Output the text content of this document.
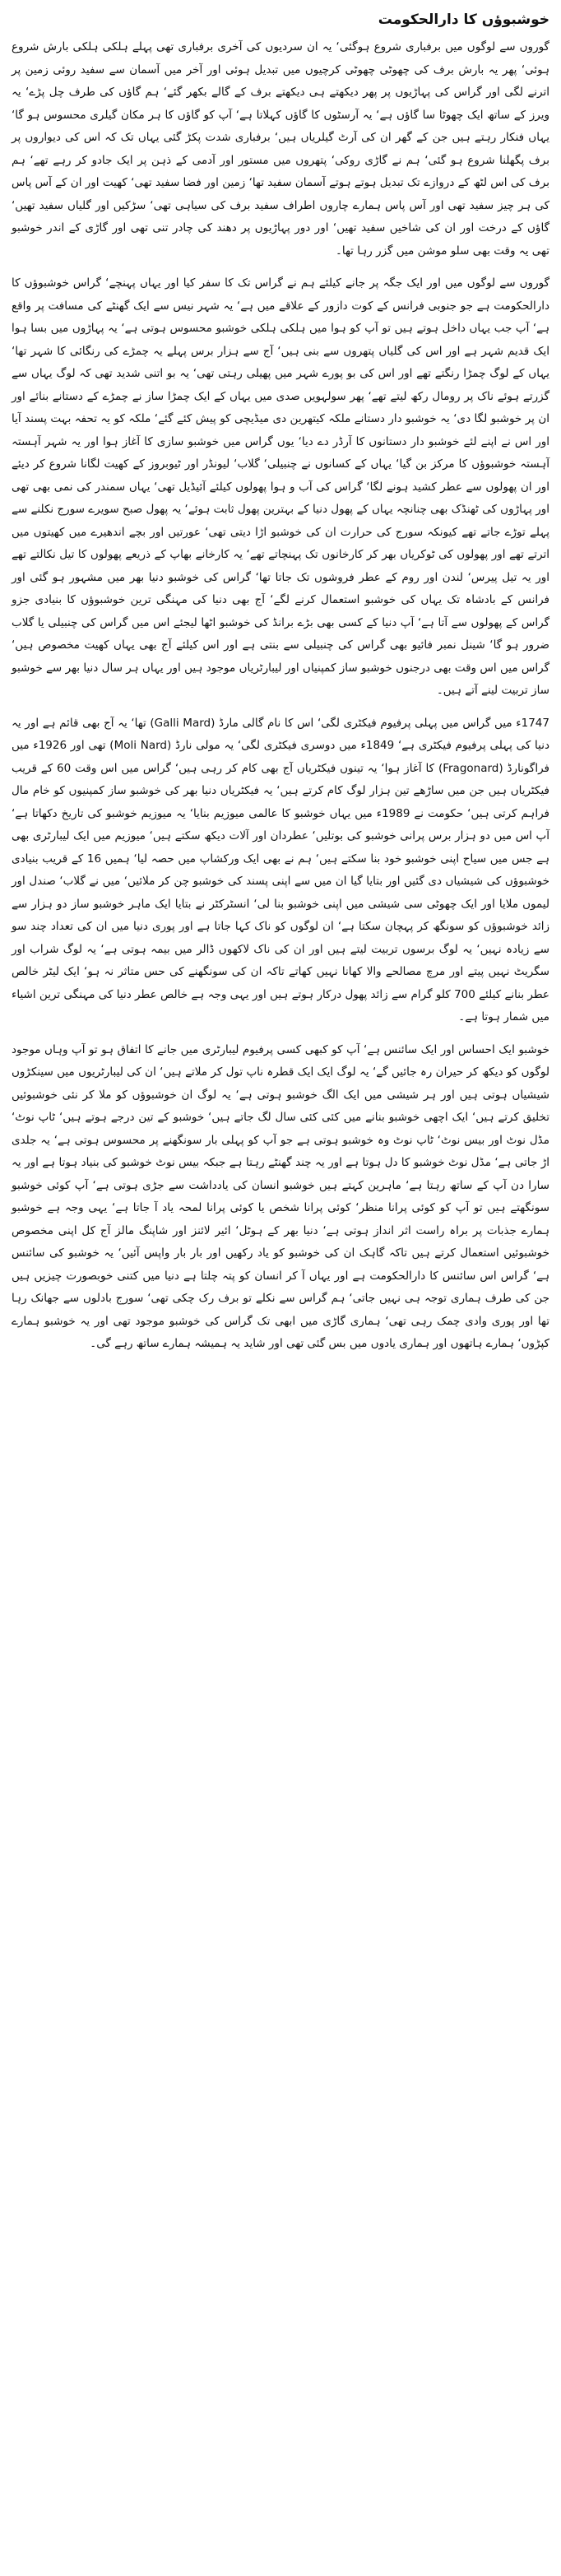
خوشبوؤں کا دارالحکومت

گوروں سے لوگوں میں برفباری شروع ہوگئی‘ یہ ان سردیوں کی آخری برفباری تھی پہلے ہلکی ہلکی بارش شروع ہوئی‘ پھر یہ بارش برف کی چھوٹی چھوٹی کرچیوں میں تبدیل ہوئی اور آخر میں آسمان سے سفید روئی زمین پر اترنے لگی اور گراس کی پہاڑیوں پر پھر دیکھتے ہی دیکھتے برف کے گالے بکھر گئے‘ ہم گاؤں کی طرف چل پڑے‘ یہ ویرز کے ساتھ ایک چھوٹا سا گاؤں ہے‘ یہ آرسٹوں کا گاؤں کہلاتا ہے‘ آپ کو گاؤں کا ہر مکان گیلری محسوس ہو گا‘ یہاں فنکار رہتے ہیں جن کے گھر ان کی آرٹ گیلریاں ہیں‘ برفباری شدت پکڑ گئی یہاں تک کہ اس کی دیواروں پر برف پگھلنا شروع ہو گئی‘ ہم نے گاڑی روکی‘ پتھروں میں مستور اور آدمی کے ذہن پر ایک جادو کر رہے تھے‘ ہم برف کی اس لٹھ کے دروازے تک تبدیل ہوتے ہوتے آسمان سفید تھا‘ زمین اور فضا سفید تھی‘ کھیت اور ان کے آس پاس کی ہر چیز سفید تھی اور آس پاس ہمارے چاروں اطراف سفید برف کی سیاہی تھی‘ سڑکیں اور گلیاں سفید تھیں‘ گاؤں کے درخت اور ان کی شاخیں سفید تھیں‘ اور دور پہاڑیوں پر دھند کی چادر تنی تھی اور گاڑی کے اندر خوشبو تھی یہ وقت بھی سلو موشن میں گزر رہا تھا۔

گوروں سے لوگوں میں اور ایک جگہ پر جانے کیلئے ہم نے گراس تک کا سفر کیا اور یہاں پہنچے‘ گراس خوشبوؤں کا دارالحکومت ہے جو جنوبی فرانس کے کوت دازور کے علاقے میں ہے‘ یہ شہر نیس سے ایک گھنٹے کی مسافت پر واقع ہے‘ آپ جب یہاں داخل ہوتے ہیں تو آپ کو ہوا میں ہلکی ہلکی خوشبو محسوس ہوتی ہے‘ یہ پہاڑوں میں بسا ہوا ایک قدیم شہر ہے اور اس کی گلیاں پتھروں سے بنی ہیں‘ آج سے ہزار برس پہلے یہ چمڑے کی رنگائی کا شہر تھا‘ یہاں کے لوگ چمڑا رنگتے تھے اور اس کی بو پورے شہر میں پھیلی رہتی تھی‘ یہ بو اتنی شدید تھی کہ لوگ یہاں سے گزرتے ہوئے ناک پر رومال رکھ لیتے تھے‘ پھر سولہویں صدی میں یہاں کے ایک چمڑا ساز نے چمڑے کے دستانے بنائے اور ان پر خوشبو لگا دی‘ یہ خوشبو دار دستانے ملکہ کیتھرین دی میڈیچی کو پیش کئے گئے‘ ملکہ کو یہ تحفہ بہت پسند آیا اور اس نے اپنے لئے خوشبو دار دستانوں کا آرڈر دے دیا‘ یوں گراس میں خوشبو سازی کا آغاز ہوا اور یہ شہر آہستہ آہستہ خوشبوؤں کا مرکز بن گیا‘ یہاں کے کسانوں نے چنبیلی‘ گلاب‘ لیونڈر اور ٹیوبروز کے کھیت لگانا شروع کر دیئے اور ان پھولوں سے عطر کشید ہونے لگا‘ گراس کی آب و ہوا پھولوں کیلئے آئیڈیل تھی‘ یہاں سمندر کی نمی بھی تھی اور پہاڑوں کی ٹھنڈک بھی چنانچہ یہاں کے پھول دنیا کے بہترین پھول ثابت ہوئے‘ یہ پھول صبح سویرے سورج نکلنے سے پہلے توڑے جاتے تھے کیونکہ سورج کی حرارت ان کی خوشبو اڑا دیتی تھی‘ عورتیں اور بچے اندھیرے میں کھیتوں میں اترتے تھے اور پھولوں کی ٹوکریاں بھر کر کارخانوں تک پہنچاتے تھے‘ یہ کارخانے بھاپ کے ذریعے پھولوں کا تیل نکالتے تھے اور یہ تیل پیرس‘ لندن اور روم کے عطر فروشوں تک جاتا تھا‘ گراس کی خوشبو دنیا بھر میں مشہور ہو گئی اور فرانس کے بادشاہ تک یہاں کی خوشبو استعمال کرنے لگے‘ آج بھی دنیا کی مہنگی ترین خوشبوؤں کا بنیادی جزو گراس کے پھولوں سے آتا ہے‘ آپ دنیا کے کسی بھی بڑے برانڈ کی خوشبو اٹھا لیجئے اس میں گراس کی چنبیلی یا گلاب ضرور ہو گا‘ شینل نمبر فائیو بھی گراس کی چنبیلی سے بنتی ہے اور اس کیلئے آج بھی یہاں کھیت مخصوص ہیں‘ گراس میں اس وقت بھی درجنوں خوشبو ساز کمپنیاں اور لیبارٹریاں موجود ہیں اور یہاں ہر سال دنیا بھر سے خوشبو ساز تربیت لینے آتے ہیں۔

1747ء میں گراس میں پہلی پرفیوم فیکٹری لگی‘ اس کا نام گالی مارڈ (Galli Mard) تھا‘ یہ آج بھی قائم ہے اور یہ دنیا کی پہلی پرفیوم فیکٹری ہے‘ 1849ء میں دوسری فیکٹری لگی‘ یہ مولی نارڈ (Moli Nard) تھی اور 1926ء میں فراگونارڈ (Fragonard) کا آغاز ہوا‘ یہ تینوں فیکٹریاں آج بھی کام کر رہی ہیں‘ گراس میں اس وقت 60 کے قریب فیکٹریاں ہیں جن میں ساڑھے تین ہزار لوگ کام کرتے ہیں‘ یہ فیکٹریاں دنیا بھر کی خوشبو ساز کمپنیوں کو خام مال فراہم کرتی ہیں‘ حکومت نے 1989ء میں یہاں خوشبو کا عالمی میوزیم بنایا‘ یہ میوزیم خوشبو کی تاریخ دکھاتا ہے‘ آپ اس میں دو ہزار برس پرانی خوشبو کی بوتلیں‘ عطردان اور آلات دیکھ سکتے ہیں‘ میوزیم میں ایک لیبارٹری بھی ہے جس میں سیاح اپنی خوشبو خود بنا سکتے ہیں‘ ہم نے بھی ایک ورکشاپ میں حصہ لیا‘ ہمیں 16 کے قریب بنیادی خوشبوؤں کی شیشیاں دی گئیں اور بتایا گیا ان میں سے اپنی پسند کی خوشبو چن کر ملائیں‘ میں نے گلاب‘ صندل اور لیموں ملایا اور ایک چھوٹی سی شیشی میں اپنی خوشبو بنا لی‘ انسٹرکٹر نے بتایا ایک ماہر خوشبو ساز دو ہزار سے زائد خوشبوؤں کو سونگھ کر پہچان سکتا ہے‘ ان لوگوں کو ناک کہا جاتا ہے اور پوری دنیا میں ان کی تعداد چند سو سے زیادہ نہیں‘ یہ لوگ برسوں تربیت لیتے ہیں اور ان کی ناک لاکھوں ڈالر میں بیمہ ہوتی ہے‘ یہ لوگ شراب اور سگریٹ نہیں پیتے اور مرچ مصالحے والا کھانا نہیں کھاتے تاکہ ان کی سونگھنے کی حس متاثر نہ ہو‘ ایک لیٹر خالص عطر بنانے کیلئے 700 کلو گرام سے زائد پھول درکار ہوتے ہیں اور یہی وجہ ہے خالص عطر دنیا کی مہنگی ترین اشیاء میں شمار ہوتا ہے۔

خوشبو ایک احساس اور ایک سائنس ہے‘ آپ کو کبھی کسی پرفیوم لیبارٹری میں جانے کا اتفاق ہو تو آپ وہاں موجود لوگوں کو دیکھ کر حیران رہ جائیں گے‘ یہ لوگ ایک ایک قطرہ ناپ تول کر ملاتے ہیں‘ ان کی لیبارٹریوں میں سینکڑوں شیشیاں ہوتی ہیں اور ہر شیشی میں ایک الگ خوشبو ہوتی ہے‘ یہ لوگ ان خوشبوؤں کو ملا کر نئی خوشبوئیں تخلیق کرتے ہیں‘ ایک اچھی خوشبو بنانے میں کئی کئی سال لگ جاتے ہیں‘ خوشبو کے تین درجے ہوتے ہیں‘ ٹاپ نوٹ‘ مڈل نوٹ اور بیس نوٹ‘ ٹاپ نوٹ وہ خوشبو ہوتی ہے جو آپ کو پہلی بار سونگھنے پر محسوس ہوتی ہے‘ یہ جلدی اڑ جاتی ہے‘ مڈل نوٹ خوشبو کا دل ہوتا ہے اور یہ چند گھنٹے رہتا ہے جبکہ بیس نوٹ خوشبو کی بنیاد ہوتا ہے اور یہ سارا دن آپ کے ساتھ رہتا ہے‘ ماہرین کہتے ہیں خوشبو انسان کی یادداشت سے جڑی ہوتی ہے‘ آپ کوئی خوشبو سونگھتے ہیں تو آپ کو کوئی پرانا منظر‘ کوئی پرانا شخص یا کوئی پرانا لمحہ یاد آ جاتا ہے‘ یہی وجہ ہے خوشبو ہمارے جذبات پر براہ راست اثر انداز ہوتی ہے‘ دنیا بھر کے ہوٹل‘ ائیر لائنز اور شاپنگ مالز آج کل اپنی مخصوص خوشبوئیں استعمال کرتے ہیں تاکہ گاہک ان کی خوشبو کو یاد رکھیں اور بار بار واپس آئیں‘ یہ خوشبو کی سائنس ہے‘ گراس اس سائنس کا دارالحکومت ہے اور یہاں آ کر انسان کو پتہ چلتا ہے دنیا میں کتنی خوبصورت چیزیں ہیں جن کی طرف ہماری توجہ ہی نہیں جاتی‘ ہم گراس سے نکلے تو برف رک چکی تھی‘ سورج بادلوں سے جھانک رہا تھا اور پوری وادی چمک رہی تھی‘ ہماری گاڑی میں ابھی تک گراس کی خوشبو موجود تھی اور یہ خوشبو ہمارے کپڑوں‘ ہمارے ہاتھوں اور ہماری یادوں میں بس گئی تھی اور شاید یہ ہمیشہ ہمارے ساتھ رہے گی۔
